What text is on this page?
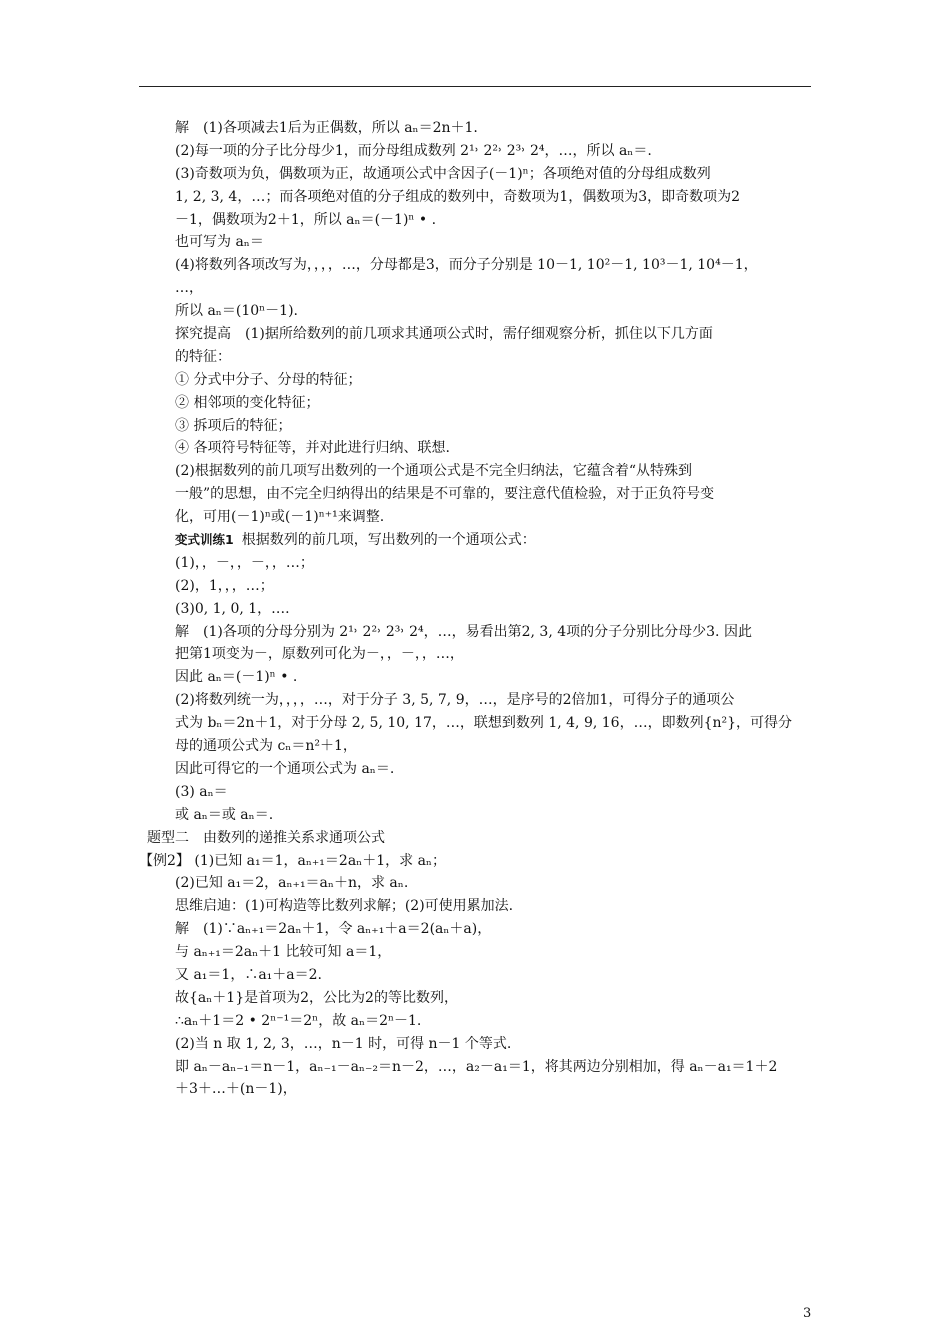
解　(1)各项减去1后为正偶数，所以 aₙ＝2n＋1.
(2)每一项的分子比分母少1，而分母组成数列 2¹˒ 2²˒ 2³˒ 2⁴，…，所以 aₙ＝.
(3)奇数项为负，偶数项为正，故通项公式中含因子(－1)ⁿ；各项绝对值的分母组成数列
1, 2, 3, 4，…；而各项绝对值的分子组成的数列中，奇数项为1，偶数项为3，即奇数项为2
－1，偶数项为2＋1，所以 aₙ＝(－1)ⁿ • .
也可写为 aₙ＝
(4)将数列各项改写为，，，，…，分母都是3，而分子分别是 10－1, 10²－1, 10³－1, 10⁴－1，
…，
所以 aₙ＝(10ⁿ－1).
探究提高　(1)据所给数列的前几项求其通项公式时，需仔细观察分析，抓住以下几方面
的特征：
① 分式中分子、分母的特征；
② 相邻项的变化特征；
③ 拆项后的特征；
④ 各项符号特征等，并对此进行归纳、联想.
(2)根据数列的前几项写出数列的一个通项公式是不完全归纳法，它蕴含着“从特殊到
一般”的思想，由不完全归纳得出的结果是不可靠的，要注意代值检验，对于正负符号变
化，可用(－1)ⁿ或(－1)ⁿ⁺¹来调整.
变式训练1 根据数列的前几项，写出数列的一个通项公式：
(1)，，－，，－，，…；
(2)，1，，，…；
(3)0, 1, 0, 1，….
解　(1)各项的分母分别为 2¹˒ 2²˒ 2³˒ 2⁴，…，易看出第2, 3, 4项的分子分别比分母少3. 因此
把第1项变为－，原数列可化为－，，－，，…，
因此 aₙ＝(－1)ⁿ • .
(2)将数列统一为，，，，…，对于分子 3, 5, 7, 9，…，是序号的2倍加1，可得分子的通项公
式为 bₙ＝2n＋1，对于分母 2, 5, 10, 17，…，联想到数列 1, 4, 9, 16，…，即数列{n²}，可得分
母的通项公式为 cₙ＝n²＋1，
因此可得它的一个通项公式为 aₙ＝.
(3) aₙ＝
或 aₙ＝或 aₙ＝.
题型二　由数列的递推关系求通项公式
【例2】 (1)已知 a₁＝1，aₙ₊₁＝2aₙ＋1，求 aₙ；
(2)已知 a₁＝2，aₙ₊₁＝aₙ＋n，求 aₙ.
思维启迪：(1)可构造等比数列求解；(2)可使用累加法.
解　(1)∵aₙ₊₁＝2aₙ＋1，令 aₙ₊₁＋a＝2(aₙ＋a)，
与 aₙ₊₁＝2aₙ＋1 比较可知 a＝1，
又 a₁＝1，∴a₁＋a＝2.
故{aₙ＋1}是首项为2，公比为2的等比数列，
∴aₙ＋1＝2 • 2ⁿ⁻¹＝2ⁿ，故 aₙ＝2ⁿ－1.
(2)当 n 取 1, 2, 3，…，n－1 时，可得 n－1 个等式.
即 aₙ－aₙ₋₁＝n－1，aₙ₋₁－aₙ₋₂＝n－2，…，a₂－a₁＝1，将其两边分别相加，得 aₙ－a₁＝1＋2
＋3＋…＋(n－1)，
3
